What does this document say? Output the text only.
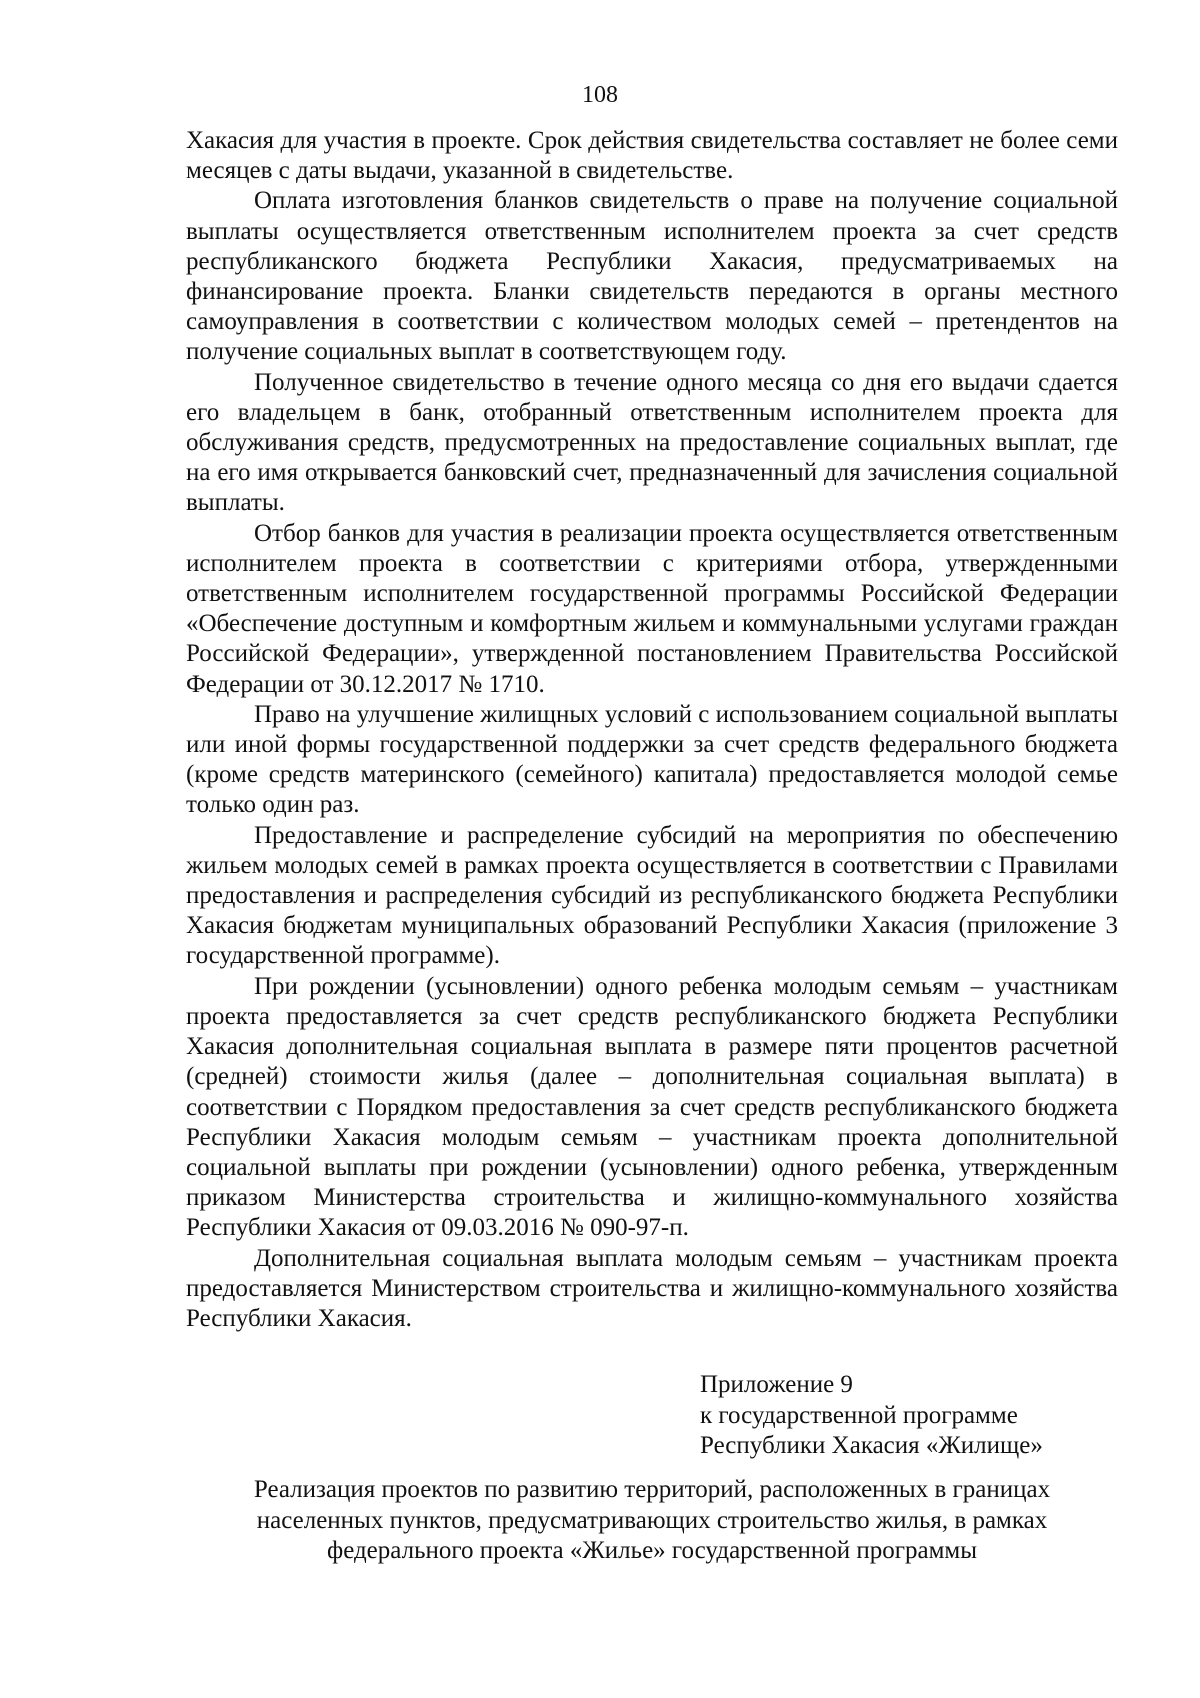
108

Хакасия для участия в проекте. Срок действия свидетельства составляет не более семи месяцев с даты выдачи, указанной в свидетельстве.

Оплата изготовления бланков свидетельств о праве на получение социальной выплаты осуществляется ответственным исполнителем проекта за счет средств республиканского бюджета Республики Хакасия, предусматриваемых на финансирование проекта. Бланки свидетельств передаются в органы местного самоуправления в соответствии с количеством молодых семей – претендентов на получение социальных выплат в соответствующем году.

Полученное свидетельство в течение одного месяца со дня его выдачи сдается его владельцем в банк, отобранный ответственным исполнителем проекта для обслуживания средств, предусмотренных на предоставление социальных выплат, где на его имя открывается банковский счет, предназначенный для зачисления социальной выплаты.

Отбор банков для участия в реализации проекта осуществляется ответственным исполнителем проекта в соответствии с критериями отбора, утвержденными ответственным исполнителем государственной программы Российской Федерации «Обеспечение доступным и комфортным жильем и коммунальными услугами граждан Российской Федерации», утвержденной постановлением Правительства Российской Федерации от 30.12.2017 № 1710.

Право на улучшение жилищных условий с использованием социальной выплаты или иной формы государственной поддержки за счет средств федерального бюджета (кроме средств материнского (семейного) капитала) предоставляется молодой семье только один раз.

Предоставление и распределение субсидий на мероприятия по обеспечению жильем молодых семей в рамках проекта осуществляется в соответствии с Правилами предоставления и распределения субсидий из республиканского бюджета Республики Хакасия бюджетам муниципальных образований Республики Хакасия (приложение 3 государственной программе).

При рождении (усыновлении) одного ребенка молодым семьям – участникам проекта предоставляется за счет средств республиканского бюджета Республики Хакасия дополнительная социальная выплата в размере пяти процентов расчетной (средней) стоимости жилья (далее – дополнительная социальная выплата) в соответствии с Порядком предоставления за счет средств республиканского бюджета Республики Хакасия молодым семьям – участникам проекта дополнительной социальной выплаты при рождении (усыновлении) одного ребенка, утвержденным приказом Министерства строительства и жилищно-коммунального хозяйства Республики Хакасия от 09.03.2016 № 090-97-п.

Дополнительная социальная выплата молодым семьям – участникам проекта предоставляется Министерством строительства и жилищно-коммунального хозяйства Республики Хакасия.

Приложение 9
к государственной программе
Республики Хакасия «Жилище»
Реализация проектов по развитию территорий, расположенных в границах
населенных пунктов, предусматривающих строительство жилья, в рамках
федерального проекта «Жилье» государственной программы
